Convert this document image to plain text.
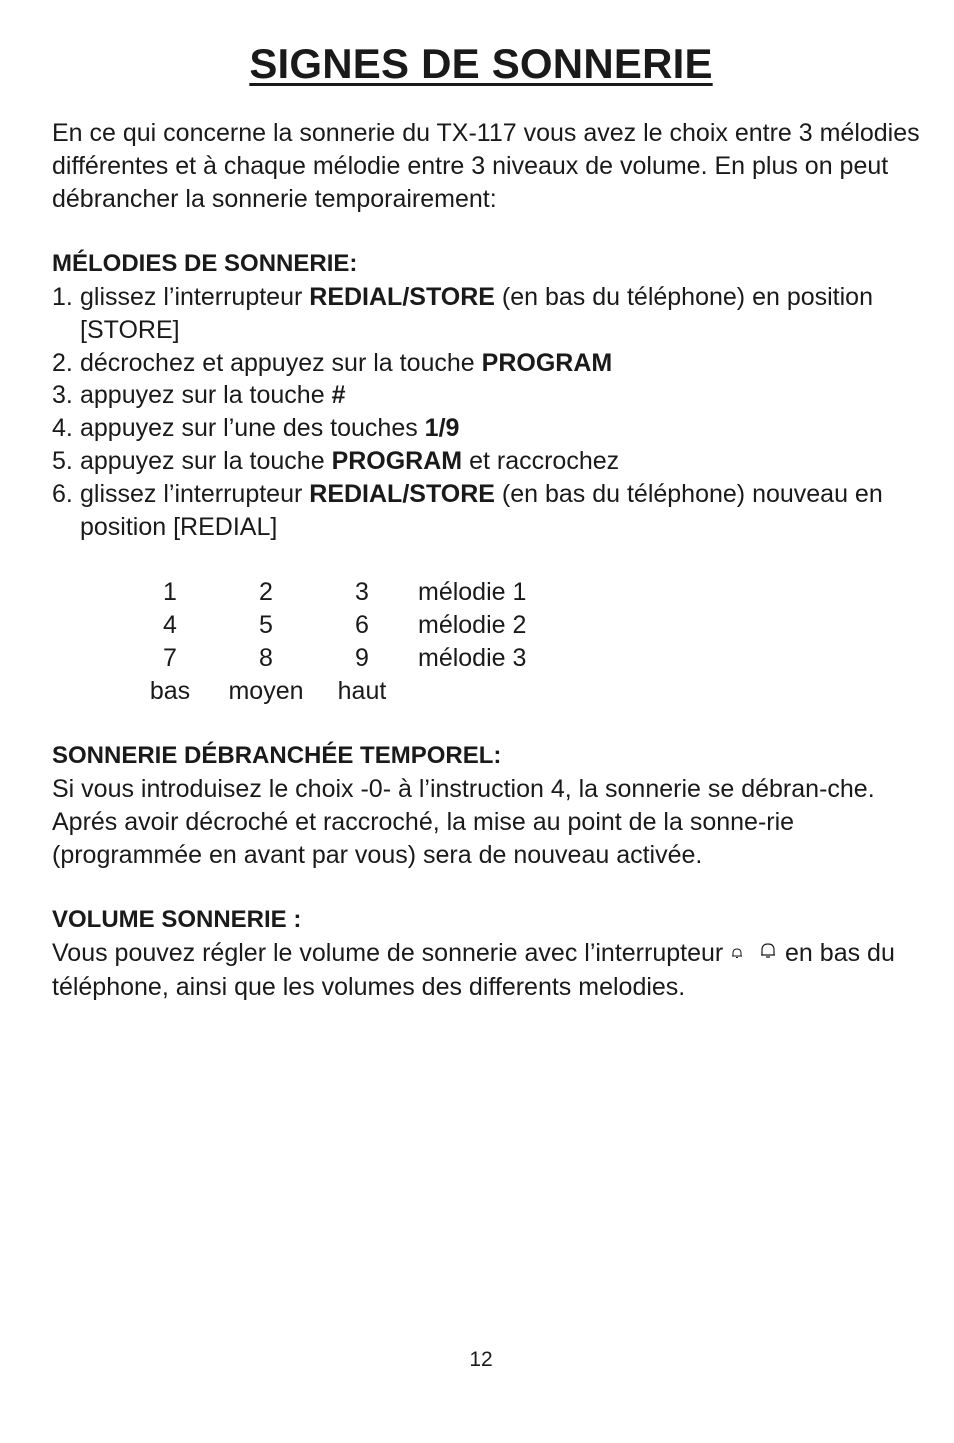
SIGNES DE SONNERIE

En ce qui concerne la sonnerie du TX-117 vous avez le choix entre 3 mélodies différentes et à chaque mélodie entre 3 niveaux de volume. En plus on peut débrancher la sonnerie temporairement:

MÉLODIES DE SONNERIE:

1. glissez l’interrupteur REDIAL/STORE (en bas du téléphone) en position [STORE]
2. décrochez et appuyez sur la touche PROGRAM
3. appuyez sur la touche #
4. appuyez sur l’une des touches 1/9
5. appuyez sur la touche PROGRAM et raccrochez
6. glissez l’interrupteur REDIAL/STORE (en bas du téléphone) nouveau en position [REDIAL]
1	2	3	mélodie 1
4	5	6	mélodie 2
7	8	9	mélodie 3
bas	moyen	haut	

SONNERIE DÉBRANCHÉE TEMPOREL:

Si vous introduisez le choix -0- à l’instruction 4, la sonnerie se débran-che. Aprés avoir décroché et raccroché, la mise au point de la sonne-rie (programmée en avant par vous) sera de nouveau activée.

VOLUME SONNERIE :

Vous pouvez régler le volume de sonnerie avec l’interrupteur en bas du téléphone, ainsi que les volumes des differents melodies.

12
